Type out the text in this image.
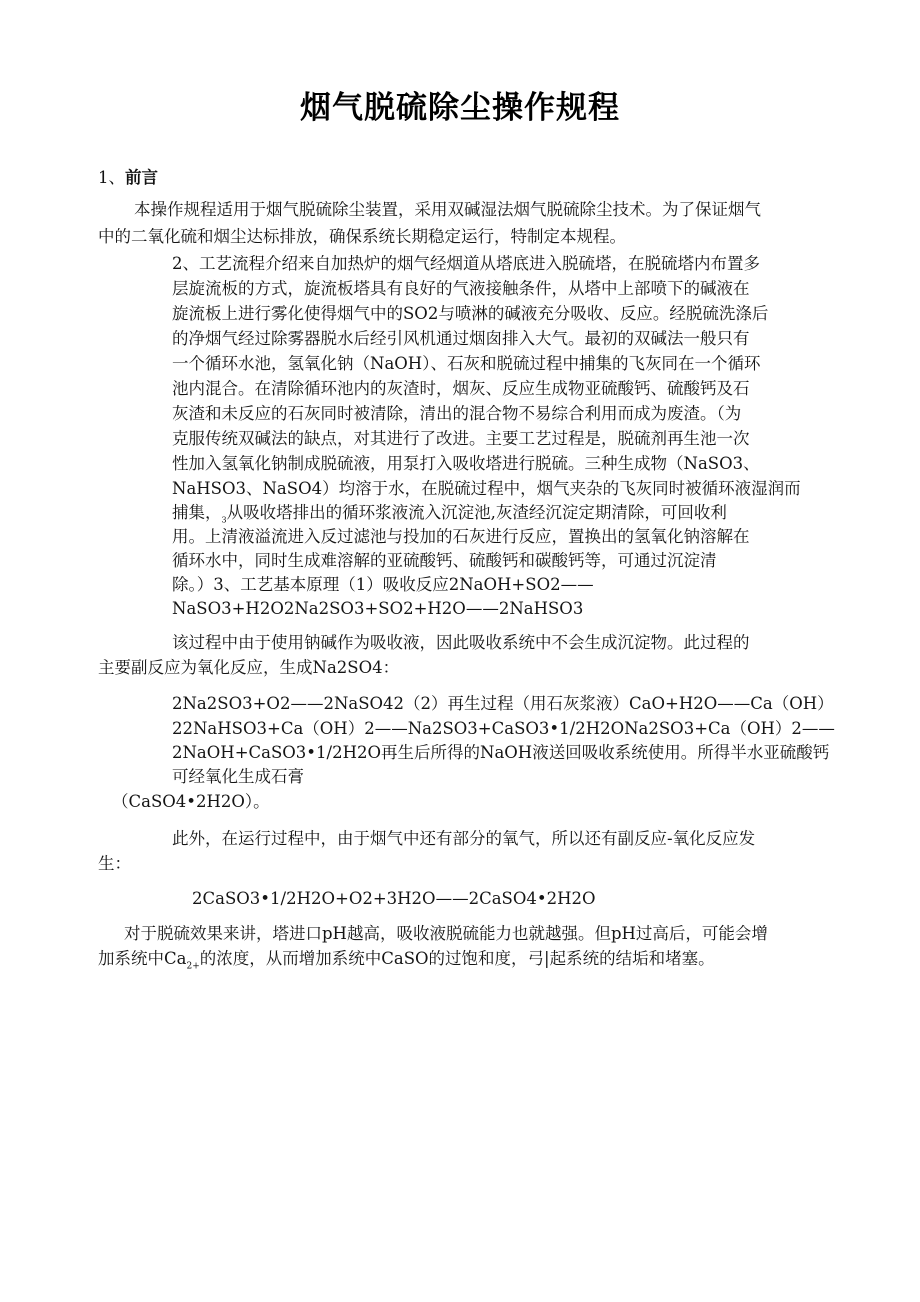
烟气脱硫除尘操作规程
1、前言
本操作规程适用于烟气脱硫除尘装置，采用双碱湿法烟气脱硫除尘技术。为了保证烟气
中的二氧化硫和烟尘达标排放，确保系统长期稳定运行，特制定本规程。
2、工艺流程介绍来自加热炉的烟气经烟道从塔底进入脱硫塔，在脱硫塔内布置多
层旋流板的方式，旋流板塔具有良好的气液接触条件，从塔中上部喷下的碱液在
旋流板上进行雾化使得烟气中的SO2与喷淋的碱液充分吸收、反应。经脱硫洗涤后
的净烟气经过除雾器脱水后经引风机通过烟囱排入大气。最初的双碱法一般只有
一个循环水池，氢氧化钠（NaOH）、石灰和脱硫过程中捕集的飞灰同在一个循环
池内混合。在清除循环池内的灰渣时，烟灰、反应生成物亚硫酸钙、硫酸钙及石
灰渣和未反应的石灰同时被清除，清出的混合物不易综合利用而成为废渣。（为
克服传统双碱法的缺点，对其进行了改进。主要工艺过程是，脱硫剂再生池一次
性加入氢氧化钠制成脱硫液，用泵打入吸收塔进行脱硫。三种生成物（NaSO3、
NaHSO3、NaSO4）均溶于水，在脱硫过程中，烟气夹杂的飞灰同时被循环液湿润而
捕集，$_3$从吸收塔排出的循环浆液流入沉淀池,灰渣经沉淀定期清除，可回收利
用。上清液溢流进入反过滤池与投加的石灰进行反应，置换出的氢氧化钠溶解在
循环水中，同时生成难溶解的亚硫酸钙、硫酸钙和碳酸钙等，可通过沉淀清
除。）3、工艺基本原理（1）吸收反应2NaOH+SO2——
NaSO3+H2O2Na2SO3+SO2+H2O——2NaHSO3
该过程中由于使用钠碱作为吸收液，因此吸收系统中不会生成沉淀物。此过程的
主要副反应为氧化反应，生成Na2SO4：
2Na2SO3+O2——2NaSO42（2）再生过程（用石灰浆液）CaO+H2O——Ca（OH）
22NaHSO3+Ca（OH）2——Na2SO3+CaSO3•1/2H2ONa2SO3+Ca（OH）2——
2NaOH+CaSO3•1/2H2O再生后所得的NaOH液送回吸收系统使用。所得半水亚硫酸钙
可经氧化生成石膏
（CaSO4•2H2O）。
此外，在运行过程中，由于烟气中还有部分的氧气，所以还有副反应-氧化反应发
生：
2CaSO3•1/2H2O+O2+3H2O——2CaSO4•2H2O
对于脱硫效果来讲，塔进口pH越高，吸收液脱硫能力也就越强。但pH过高后，可能会增
加系统中$Ca_{2+}$的浓度，从而增加系统中CaSO的过饱和度，弓|起系统的结垢和堵塞。
